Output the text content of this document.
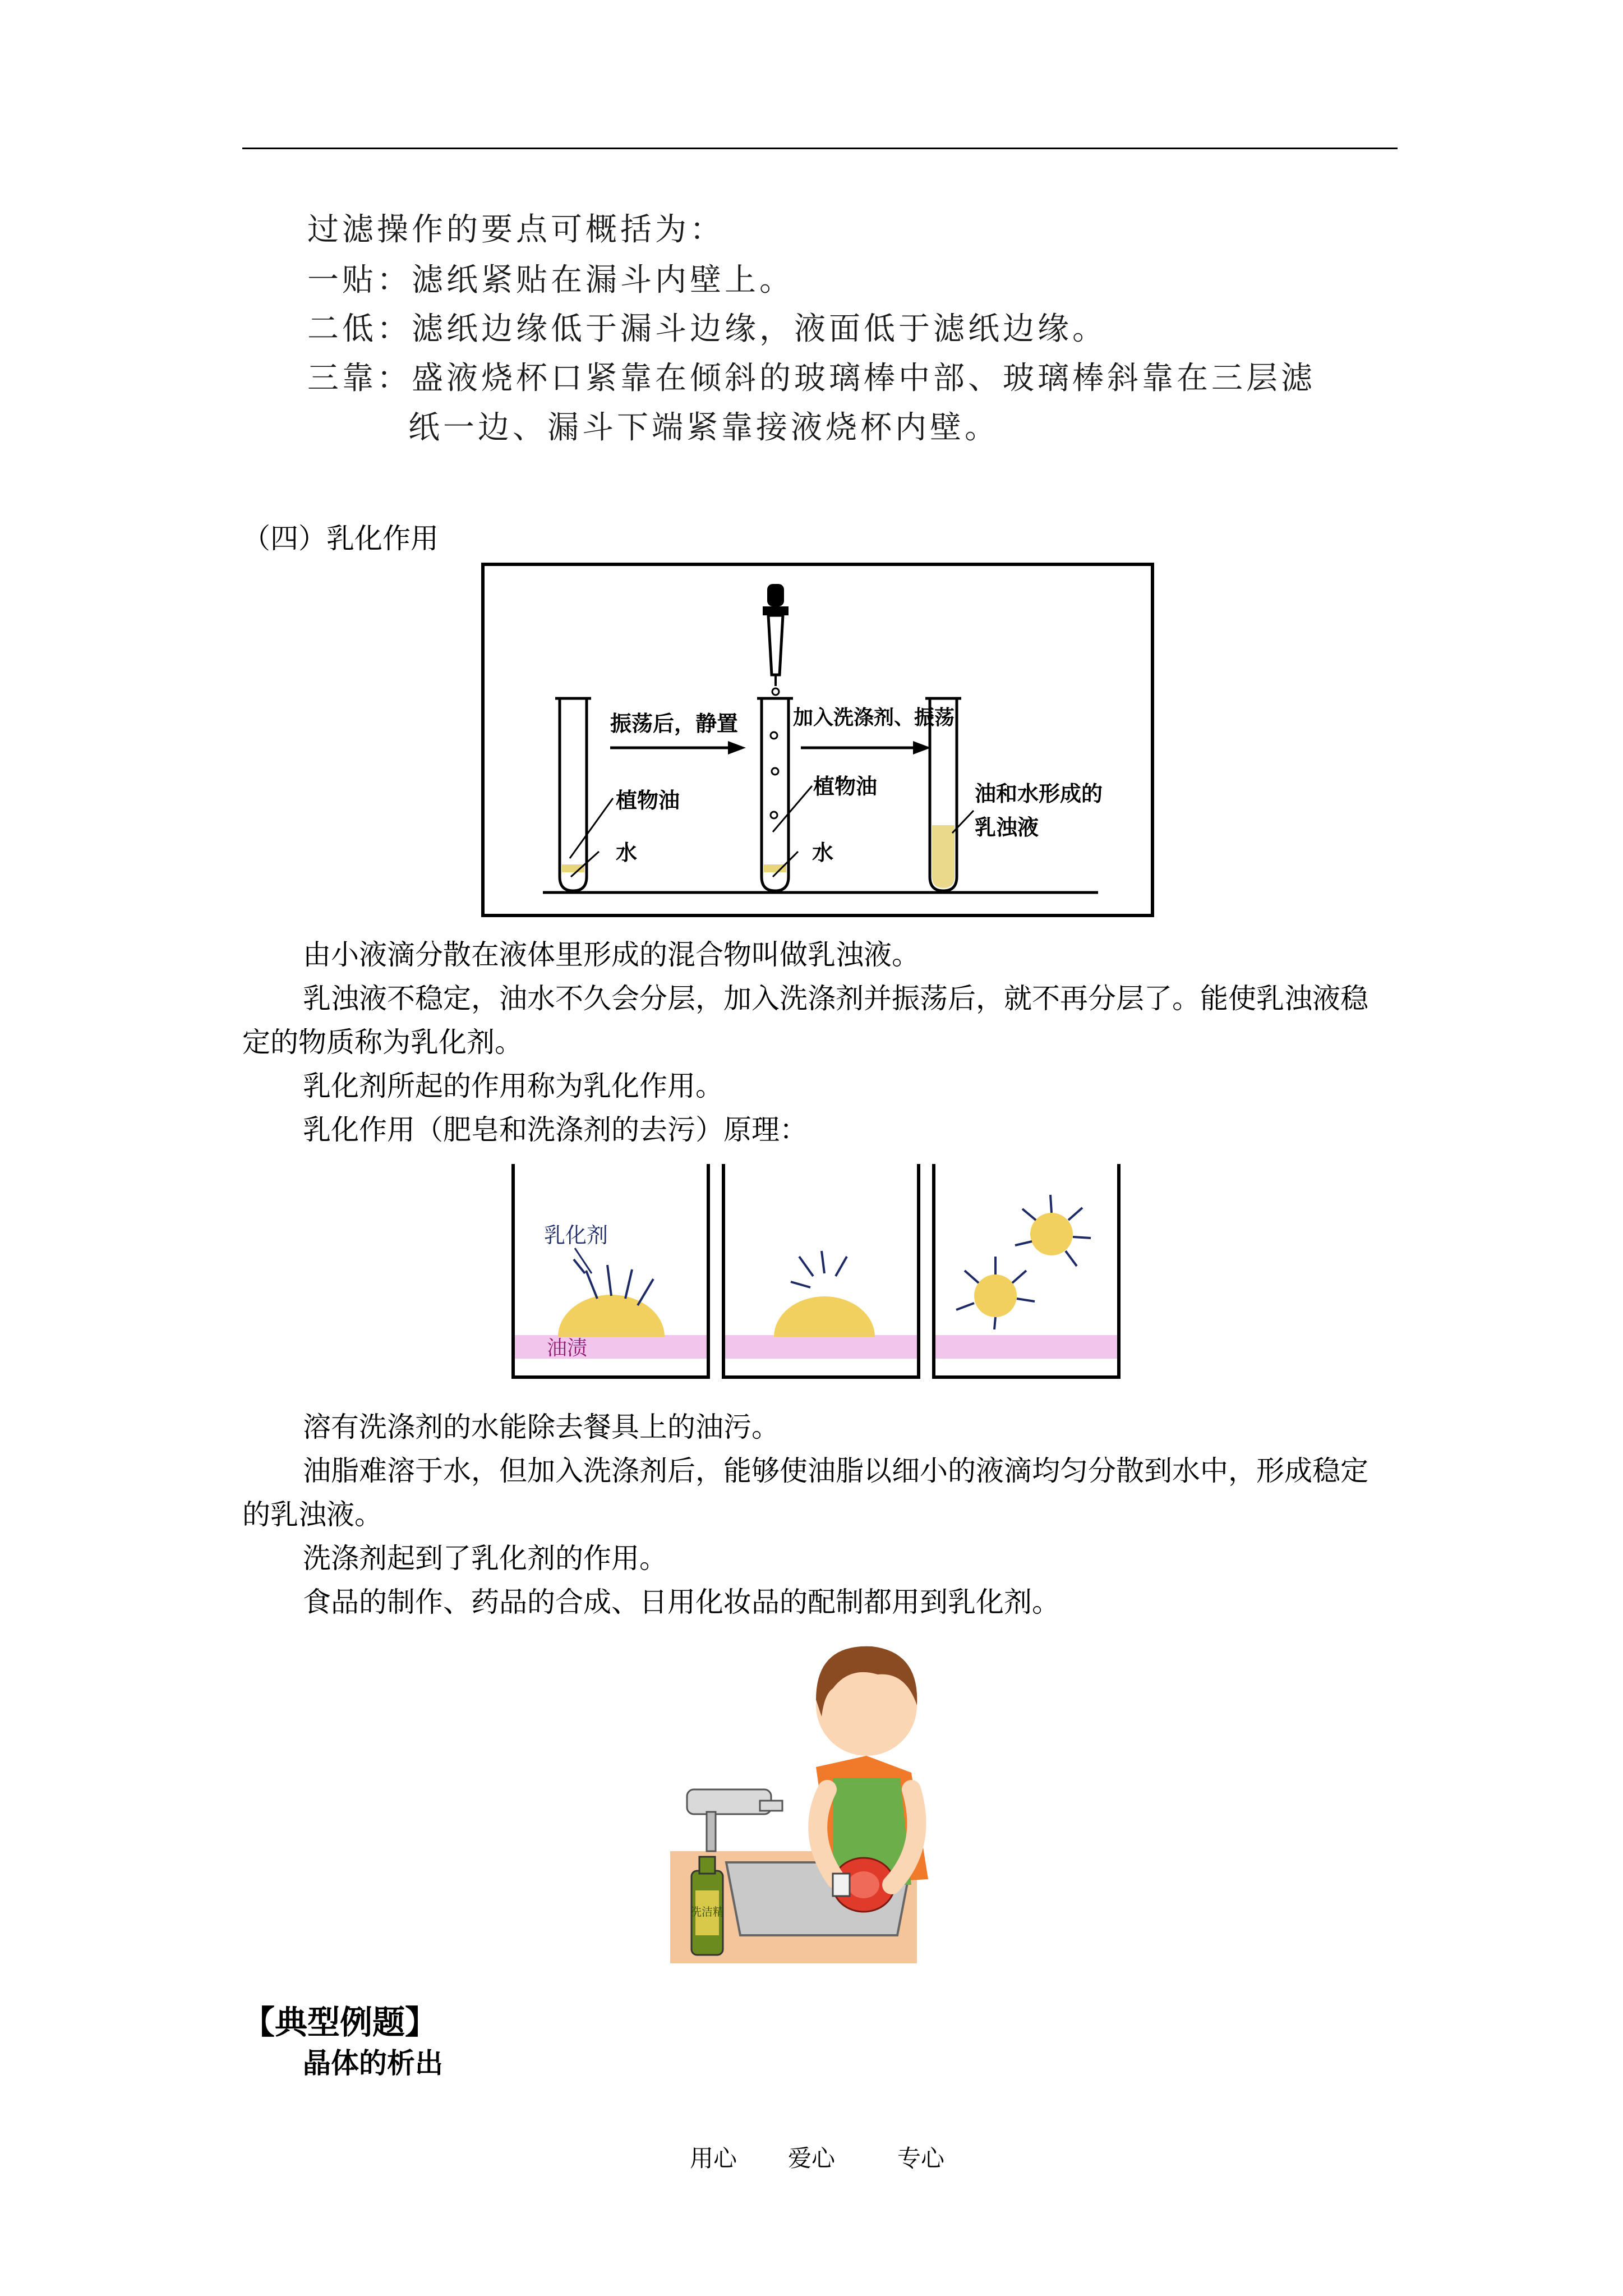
过滤操作的要点可概括为：
一贴：滤纸紧贴在漏斗内壁上。
二低：滤纸边缘低于漏斗边缘，液面低于滤纸边缘。
三靠：盛液烧杯口紧靠在倾斜的玻璃棒中部、玻璃棒斜靠在三层滤
纸一边、漏斗下端紧靠接液烧杯内壁。
（四）乳化作用
植物油
水
振荡后，静置
植物油
水
加入洗涤剂、振荡
油和水形成的
乳浊液
由小液滴分散在液体里形成的混合物叫做乳浊液。
乳浊液不稳定，油水不久会分层，加入洗涤剂并振荡后，就不再分层了。能使乳浊液稳
定的物质称为乳化剂。
乳化剂所起的作用称为乳化作用。
乳化作用（肥皂和洗涤剂的去污）原理：
乳化剂
油渍
溶有洗涤剂的水能除去餐具上的油污。
油脂难溶于水，但加入洗涤剂后，能够使油脂以细小的液滴均匀分散到水中，形成稳定
的乳浊液。
洗涤剂起到了乳化剂的作用。
食品的制作、药品的合成、日用化妆品的配制都用到乳化剂。
洗洁精
【典型例题】
晶体的析出
用心 爱心	专心
